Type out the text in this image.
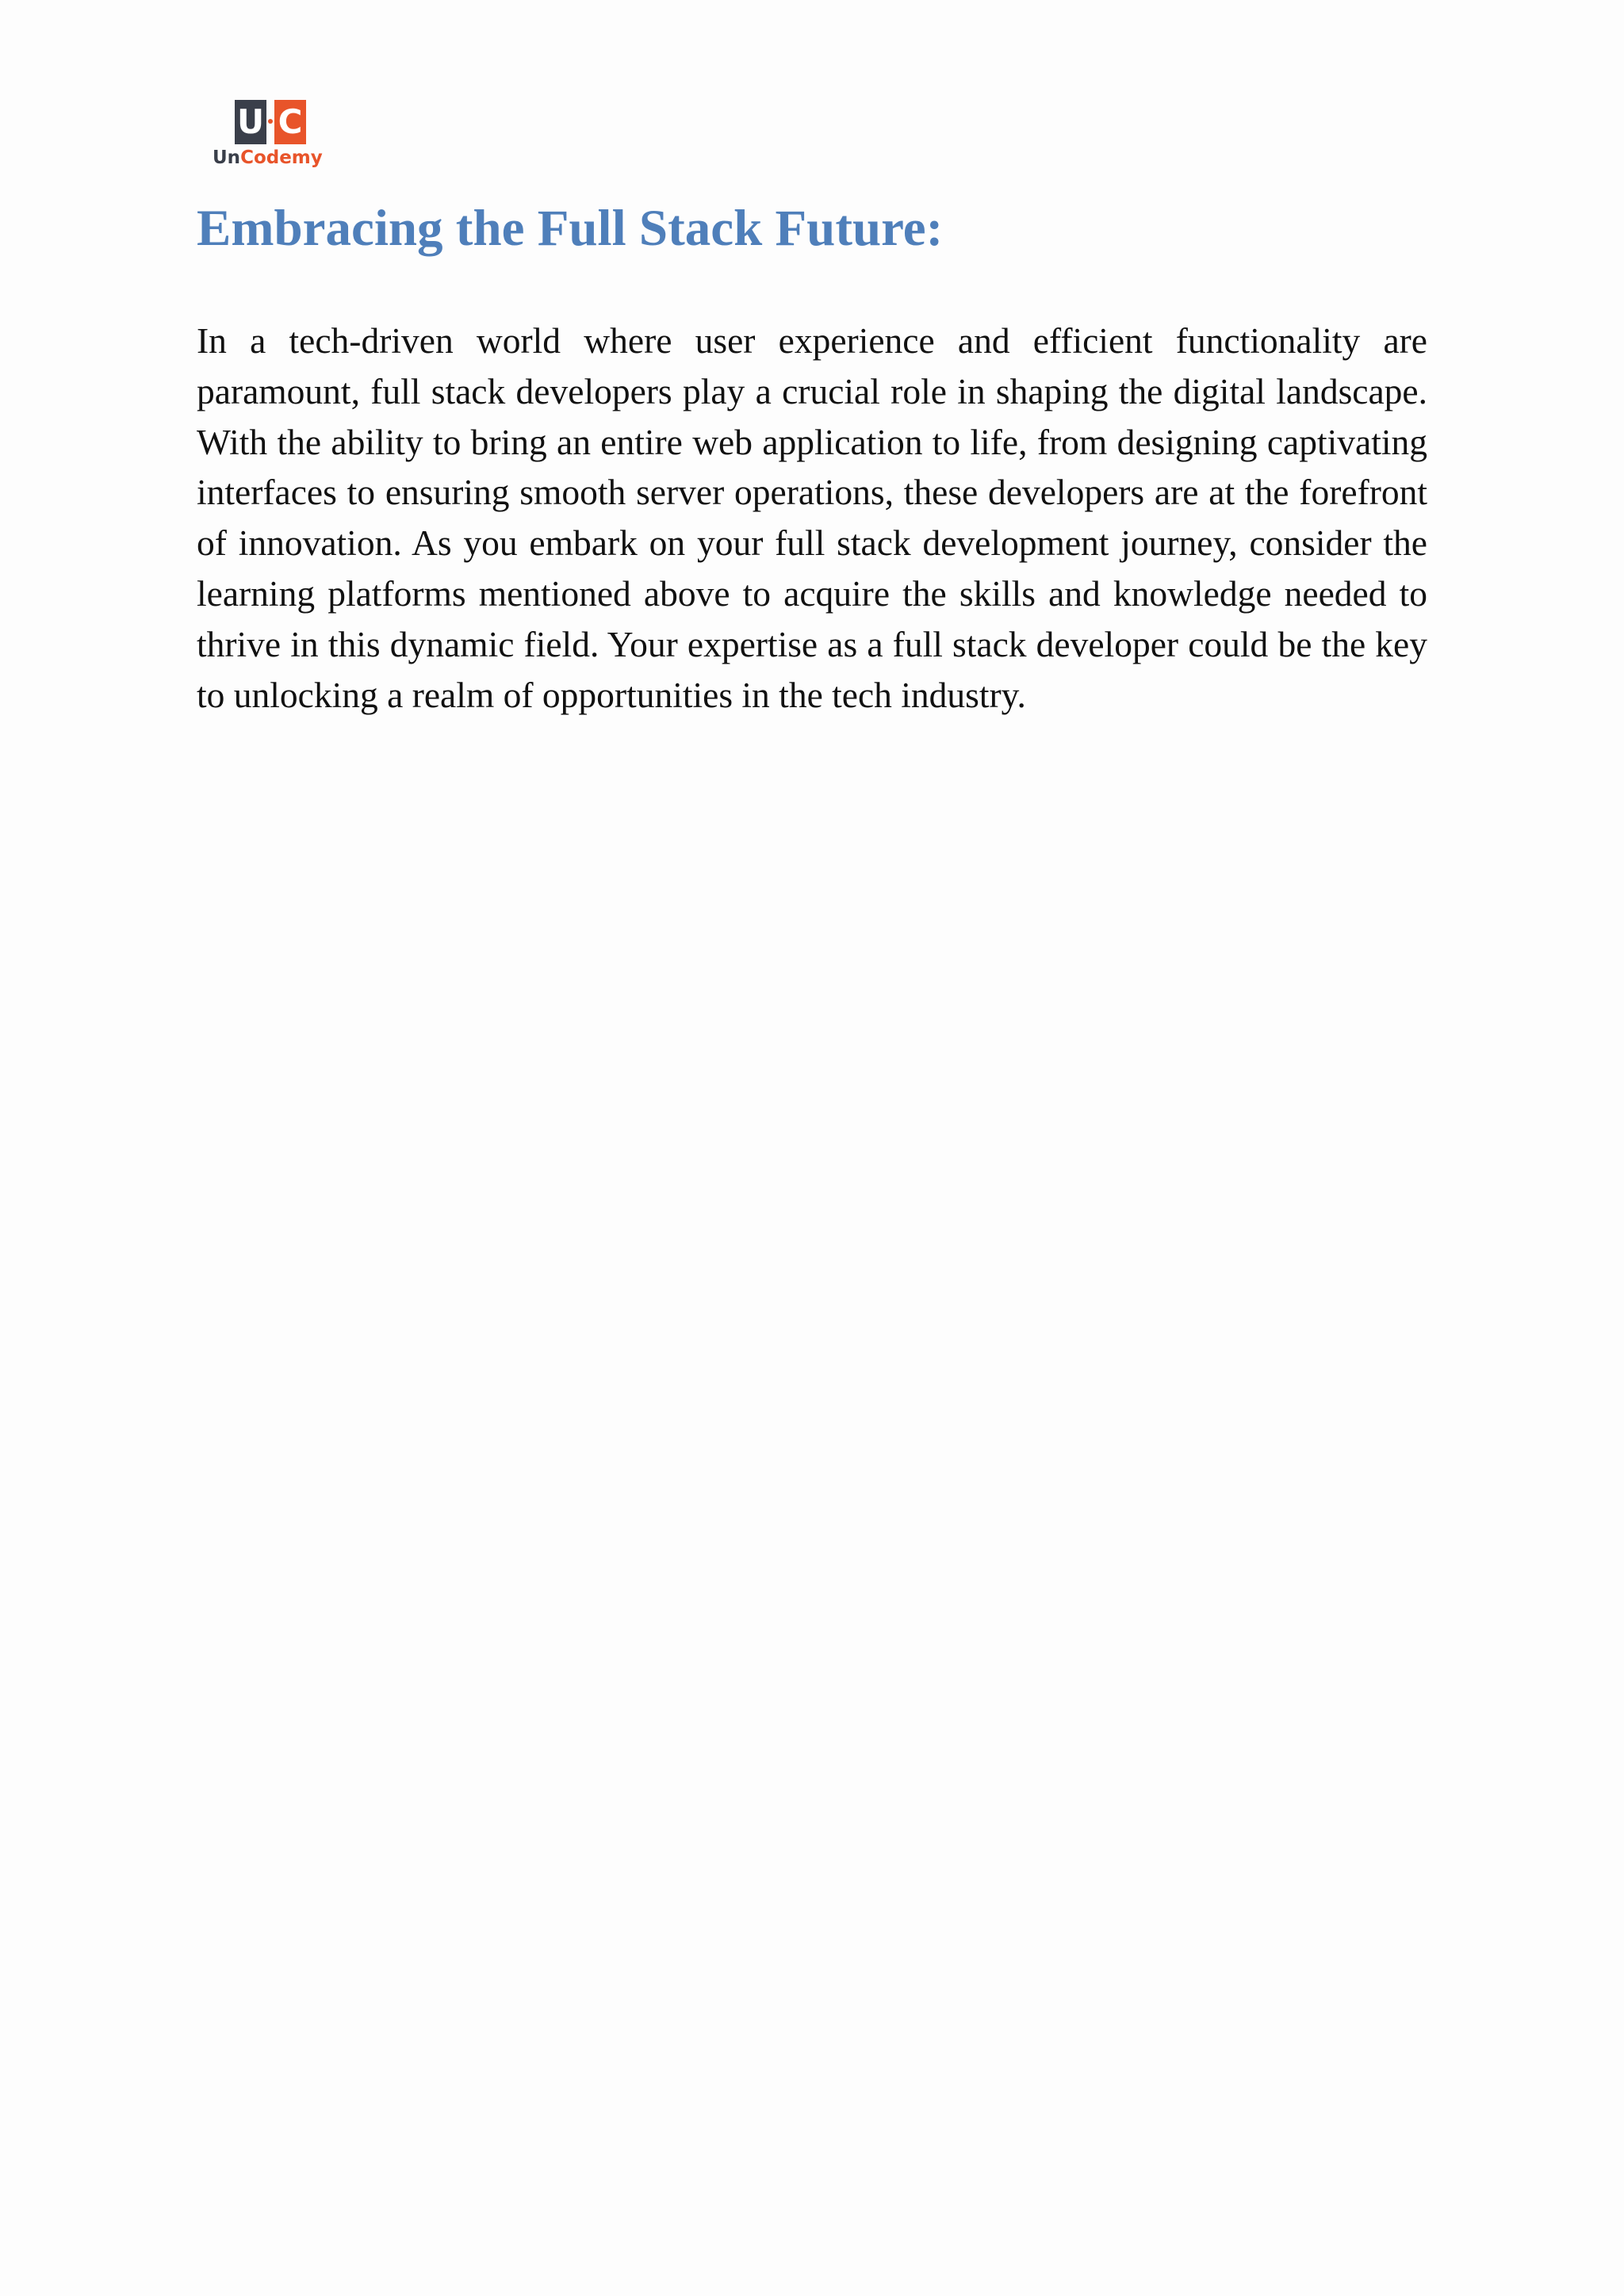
U C
UnCodemy
Embracing the Full Stack Future:

In a tech-driven world where user experience and efficient functionality are paramount, full stack developers play a crucial role in shaping the digital landscape. With the ability to bring an entire web application to life, from designing captivating interfaces to ensuring smooth server operations, these developers are at the forefront of innovation. As you embark on your full stack development journey, consider the learning platforms mentioned above to acquire the skills and knowledge needed to thrive in this dynamic field. Your expertise as a full stack developer could be the key to unlocking a realm of opportunities in the tech industry.
